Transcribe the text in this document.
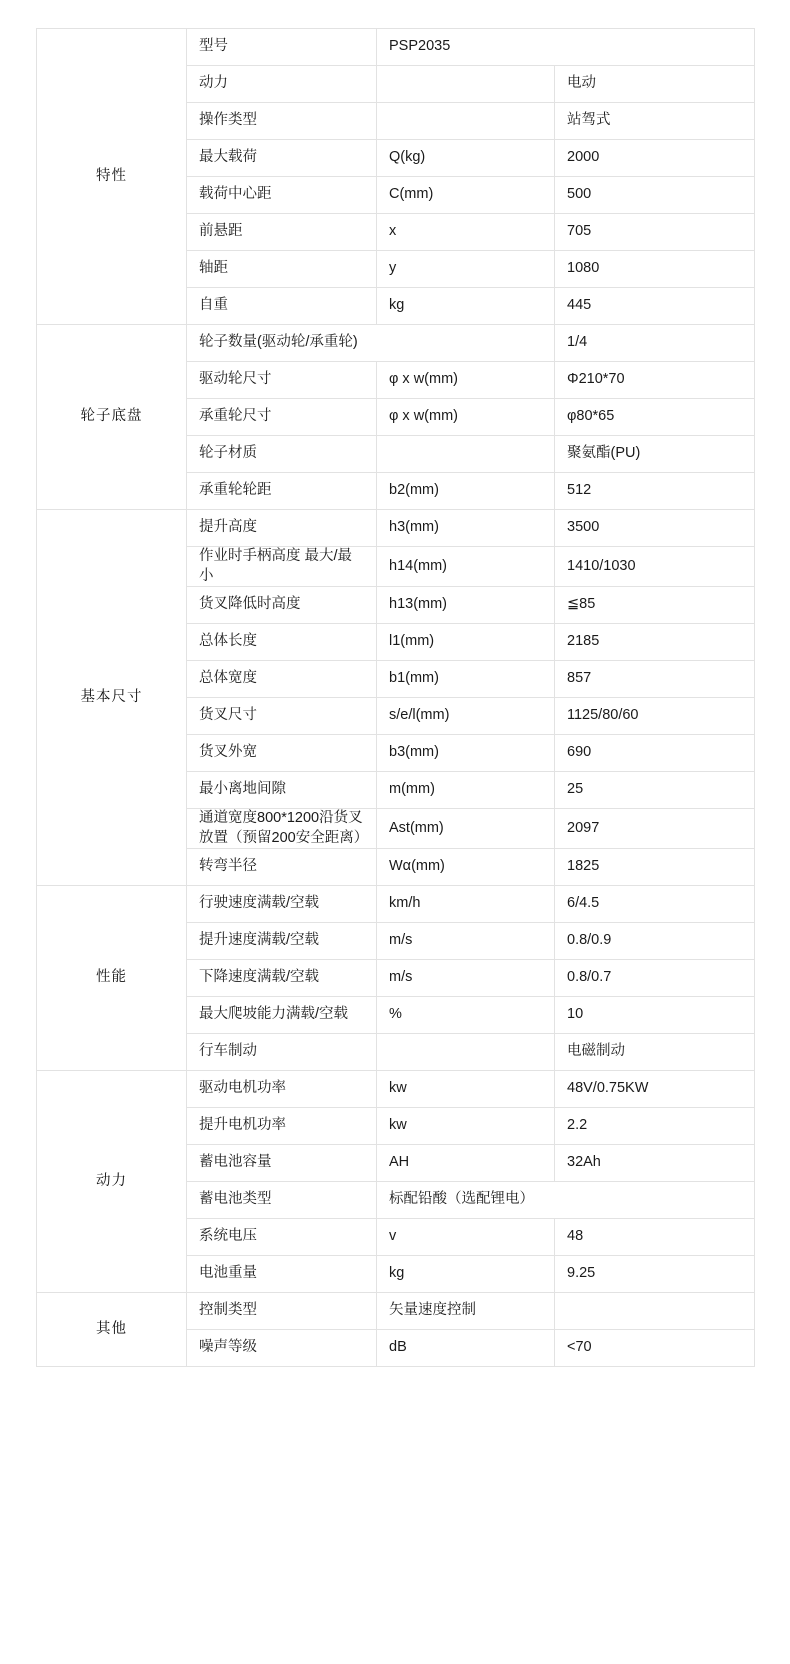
特性	型号	PSP2035	
	动力		电动
	操作类型		站驾式
	最大载荷	Q(kg)	2000
	载荷中心距	C(mm)	500
	前悬距	x	705
	轴距	y	1080
	自重	kg	445
轮子底盘	轮子数量(驱动轮/承重轮)		1/4
	驱动轮尺寸	φ x w(mm)	Φ210*70
	承重轮尺寸	φ x w(mm)	φ80*65
	轮子材质		聚氨酯(PU)
	承重轮轮距	b2(mm)	512
基本尺寸	提升高度	h3(mm)	3500
	作业时手柄高度 最大/最小	h14(mm)	1410/1030
	货叉降低时高度	h13(mm)	≦85
	总体长度	l1(mm)	2185
	总体宽度	b1(mm)	857
	货叉尺寸	s/e/l(mm)	1125/80/60
	货叉外宽	b3(mm)	690
	最小离地间隙	m(mm)	25
	通道宽度800*1200沿货叉放置（预留200安全距离）	Ast(mm)	2097
	转弯半径	Wα(mm)	1825
性能	行驶速度满载/空载	km/h	6/4.5
	提升速度满载/空载	m/s	0.8/0.9
	下降速度满载/空载	m/s	0.8/0.7
	最大爬坡能力满载/空载	%	10
	行车制动		电磁制动
动力	驱动电机功率	kw	48V/0.75KW
	提升电机功率	kw	2.2
	蓄电池容量	AH	32Ah
	蓄电池类型	标配铅酸（选配锂电）	
	系统电压	v	48
	电池重量	kg	9.25
其他	控制类型	矢量速度控制	
	噪声等级	dB	<70
